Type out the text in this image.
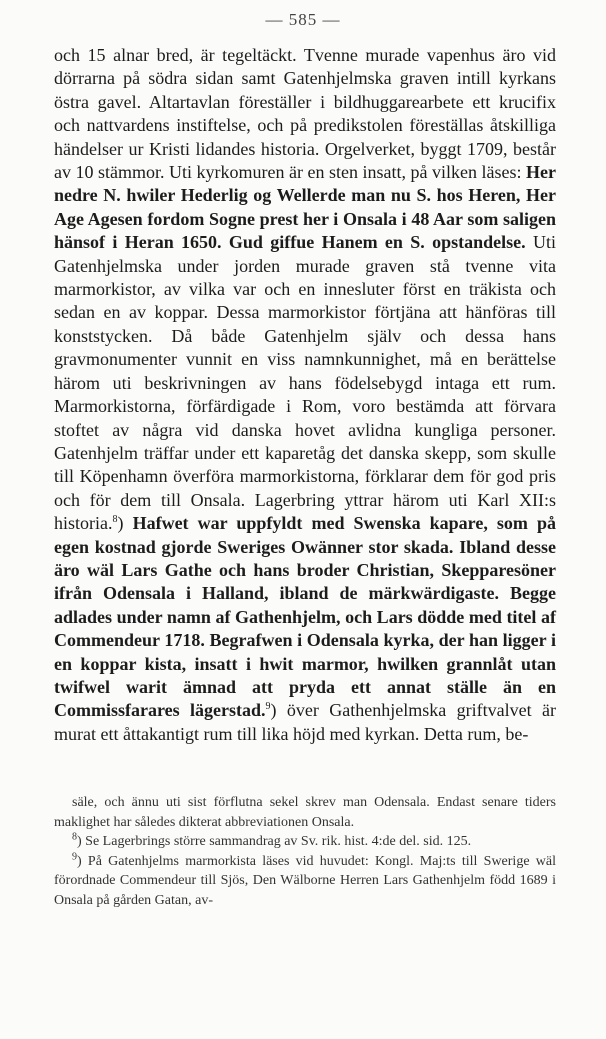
— 585 —
och 15 alnar bred, är tegeltäckt. Tvenne murade vapenhus äro vid dörrarna på södra sidan samt Gatenhjelmska graven intill kyrkans östra gavel. Altartavlan föreställer i bildhuggarearbete ett krucifix och nattvardens instiftelse, och på predikstolen föreställas åtskilliga händelser ur Kristi lidandes historia. Orgelverket, byggt 1709, består av 10 stämmor. Uti kyrkomuren är en sten insatt, på vilken läses: Her nedre N. hwiler Hederlig og Wellerde man nu S. hos Heren, Her Age Agesen fordom Sogne prest her i Onsala i 48 Aar som saligen hänsof i Heran 1650. Gud giffue Hanem en S. opstandelse. Uti Gatenhjelmska under jorden murade graven stå tvenne vita marmorkistor, av vilka var och en innesluter först en träkista och sedan en av koppar. Dessa marmorkistor förtjäna att hänföras till konststycken. Då både Gatenhjelm själv och dessa hans gravmonumenter vunnit en viss namnkunnighet, må en berättelse härom uti beskrivningen av hans födelsebygd intaga ett rum. Marmorkistorna, förfärdigade i Rom, voro bestämda att förvara stoftet av några vid danska hovet avlidna kungliga personer. Gatenhjelm träffar under ett kaparetåg det danska skepp, som skulle till Köpenhamn överföra marmorkistorna, förklarar dem för god pris och för dem till Onsala. Lagerbring yttrar härom uti Karl XII:s historia.$^8$) Hafwet war uppfyldt med Swenska kapare, som på egen kostnad gjorde Sweriges Owänner stor skada. Ibland desse äro wäl Lars Gathe och hans broder Christian, Skepparesöner ifrån Odensala i Halland, ibland de märkwärdigaste. Begge adlades under namn af Gathenhjelm, och Lars dödde med titel af Commendeur 1718. Begrafwen i Odensala kyrka, der han ligger i en koppar kista, insatt i hwit marmor, hwilken grannlåt utan twifwel warit ämnad att pryda ett annat ställe än en Commissfarares lägerstad.$^9$) över Gathenhjelmska griftvalvet är murat ett åttakantigt rum till lika höjd med kyrkan. Detta rum, be-

säle, och ännu uti sist förflutna sekel skrev man Odensala. Endast senare tiders maklighet har således dikterat abbreviationen Onsala.

$^8$) Se Lagerbrings större sammandrag av Sv. rik. hist. 4:de del. sid. 125.

$^9$) På Gatenhjelms marmorkista läses vid huvudet: Kongl. Maj:ts till Swerige wäl förordnade Commendeur till Sjös, Den Wälborne Herren Lars Gathenhjelm född 1689 i Onsala på gården Gatan, av-
